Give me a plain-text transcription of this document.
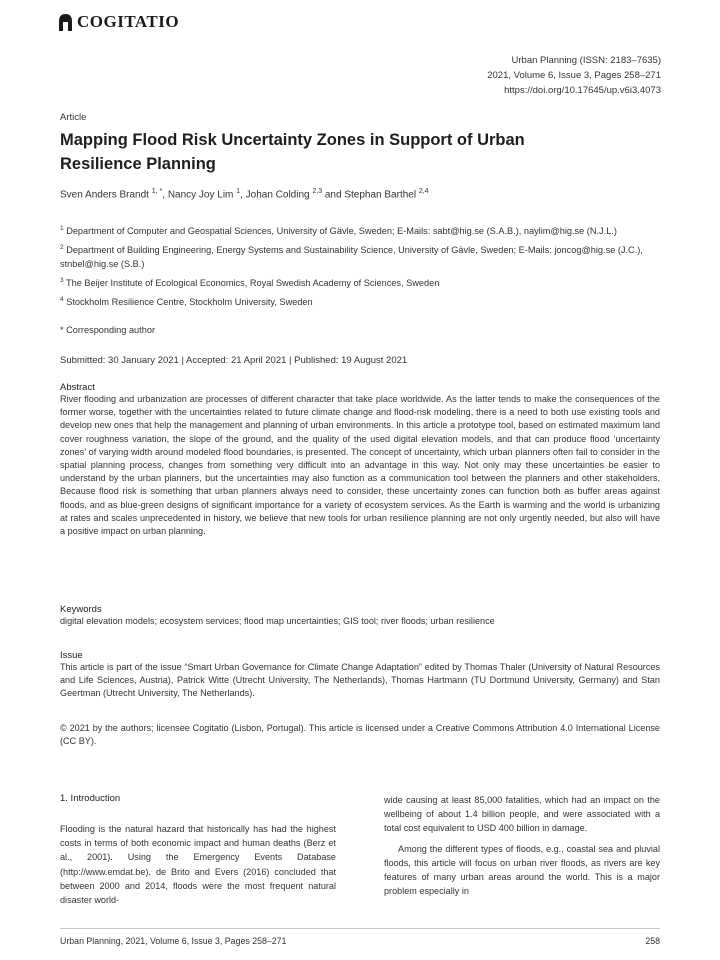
COGITATIO
Urban Planning (ISSN: 2183–7635)
2021, Volume 6, Issue 3, Pages 258–271
https://doi.org/10.17645/up.v6i3.4073
Article
Mapping Flood Risk Uncertainty Zones in Support of Urban Resilience Planning
Sven Anders Brandt $^{1, *}$, Nancy Joy Lim $^1$, Johan Colding $^{2,3}$ and Stephan Barthel $^{2,4}$

$^1$ Department of Computer and Geospatial Sciences, University of Gävle, Sweden; E-Mails: sabt@hig.se (S.A.B.), naylim@hig.se (N.J.L.)

$^2$ Department of Building Engineering, Energy Systems and Sustainability Science, University of Gävle, Sweden; E-Mails: joncog@hig.se (J.C.), stnbel@hig.se (S.B.)

$^3$ The Beijer Institute of Ecological Economics, Royal Swedish Academy of Sciences, Sweden

$^4$ Stockholm Resilience Centre, Stockholm University, Sweden

* Corresponding author
Submitted: 30 January 2021 | Accepted: 21 April 2021 | Published: 19 August 2021

Abstract

River flooding and urbanization are processes of different character that take place worldwide. As the latter tends to make the consequences of the former worse, together with the uncertainties related to future climate change and flood-risk modeling, there is a need to both use existing tools and develop new ones that help the management and planning of urban environments. In this article a prototype tool, based on estimated maximum land cover roughness variation, the slope of the ground, and the quality of the used digital elevation models, and that can produce flood ‘uncertainty zones’ of varying width around modeled flood boundaries, is presented. The concept of uncertainty, which urban planners often fail to consider in the spatial planning process, changes from something very difficult into an advantage in this way. Not only may these uncertainties be easier to understand by the urban planners, but the uncertainties may also function as a communication tool between the planners and other stakeholders. Because flood risk is something that urban planners always need to consider, these uncertainty zones can function both as buffer areas against floods, and as blue-green designs of significant importance for a variety of ecosystem services. As the Earth is warming and the world is urbanizing at rates and scales unprecedented in history, we believe that new tools for urban resilience planning are not only urgently needed, but also will have a positive impact on urban planning.

Keywords

digital elevation models; ecosystem services; flood map uncertainties; GIS tool; river floods; urban resilience

Issue

This article is part of the issue “Smart Urban Governance for Climate Change Adaptation” edited by Thomas Thaler (University of Natural Resources and Life Sciences, Austria), Patrick Witte (Utrecht University, The Netherlands), Thomas Hartmann (TU Dortmund University, Germany) and Stan Geertman (Utrecht University, The Netherlands).

© 2021 by the authors; licensee Cogitatio (Lisbon, Portugal). This article is licensed under a Creative Commons Attribution 4.0 International License (CC BY).

1. Introduction

Flooding is the natural hazard that historically has had the highest costs in terms of both economic impact and human deaths (Berz et al., 2001). Using the Emergency Events Database (http://www.emdat.be), de Brito and Evers (2016) concluded that between 2000 and 2014, floods were the most frequent natural disaster world-

wide causing at least 85,000 fatalities, which had an impact on the wellbeing of about 1.4 billion people, and were associated with a total cost equivalent to USD 400 billion in damage.

Among the different types of floods, e.g., coastal sea and pluvial floods, this article will focus on urban river floods, as rivers are key features of many urban areas around the world. This is a major problem especially in

Urban Planning, 2021, Volume 6, Issue 3, Pages 258–271	258
